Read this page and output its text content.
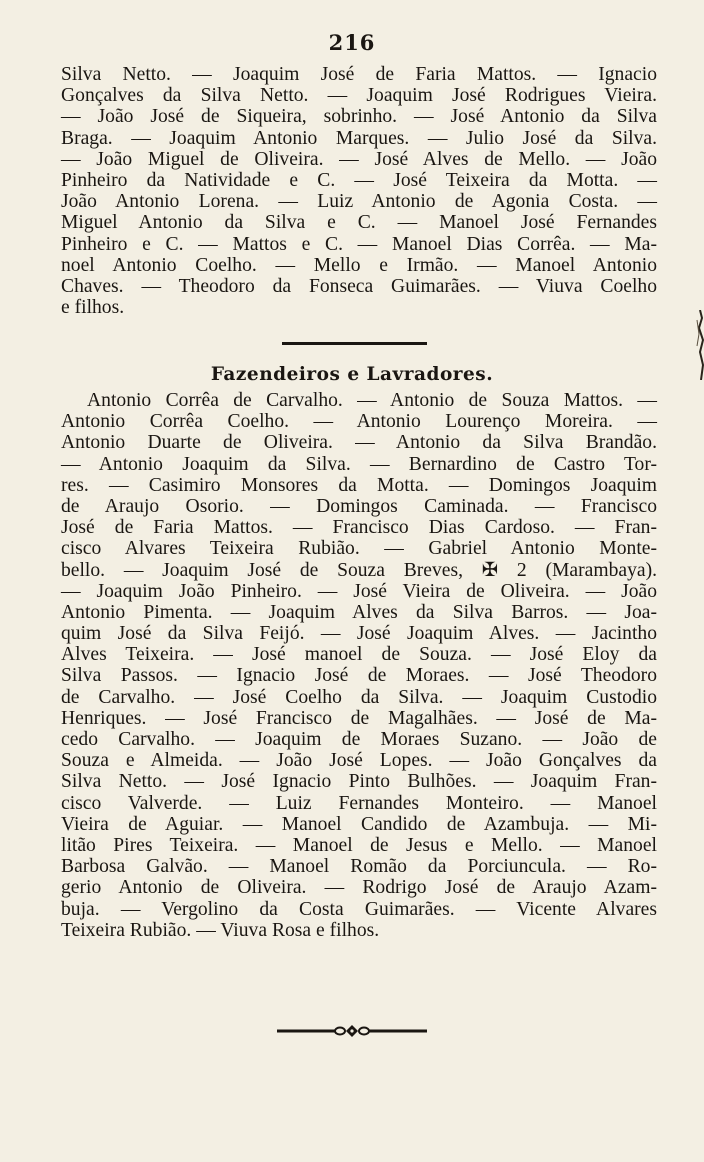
216
Silva Netto. — Joaquim José de Faria Mattos. — Ignacio
Gonçalves da Silva Netto. — Joaquim José Rodrigues Vieira.
— João José de Siqueira, sobrinho. — José Antonio da Silva
Braga. — Joaquim Antonio Marques. — Julio José da Silva.
— João Miguel de Oliveira. — José Alves de Mello. — João
Pinheiro da Natividade e C. — José Teixeira da Motta. —
João Antonio Lorena. — Luiz Antonio de Agonia Costa. —
Miguel Antonio da Silva e C. — Manoel José Fernandes
Pinheiro e C. — Mattos e C. — Manoel Dias Corrêa. — Ma-
noel Antonio Coelho. — Mello e Irmão. — Manoel Antonio
Chaves. — Theodoro da Fonseca Guimarães. — Viuva Coelho
e filhos.
Fazendeiros e Lavradores.
Antonio Corrêa de Carvalho. — Antonio de Souza Mattos. —
Antonio Corrêa Coelho. — Antonio Lourenço Moreira. —
Antonio Duarte de Oliveira. — Antonio da Silva Brandão.
— Antonio Joaquim da Silva. — Bernardino de Castro Tor-
res. — Casimiro Monsores da Motta. — Domingos Joaquim
de Araujo Osorio. — Domingos Caminada. — Francisco
José de Faria Mattos. — Francisco Dias Cardoso. — Fran-
cisco Alvares Teixeira Rubião. — Gabriel Antonio Monte-
bello. — Joaquim José de Souza Breves, ✠ 2 (Marambaya).
— Joaquim João Pinheiro. — José Vieira de Oliveira. — João
Antonio Pimenta. — Joaquim Alves da Silva Barros. — Joa-
quim José da Silva Feijó. — José Joaquim Alves. — Jacintho
Alves Teixeira. — José manoel de Souza. — José Eloy da
Silva Passos. — Ignacio José de Moraes. — José Theodoro
de Carvalho. — José Coelho da Silva. — Joaquim Custodio
Henriques. — José Francisco de Magalhães. — José de Ma-
cedo Carvalho. — Joaquim de Moraes Suzano. — João de
Souza e Almeida. — João José Lopes. — João Gonçalves da
Silva Netto. — José Ignacio Pinto Bulhões. — Joaquim Fran-
cisco Valverde. — Luiz Fernandes Monteiro. — Manoel
Vieira de Aguiar. — Manoel Candido de Azambuja. — Mi-
litão Pires Teixeira. — Manoel de Jesus e Mello. — Manoel
Barbosa Galvão. — Manoel Romão da Porciuncula. — Ro-
gerio Antonio de Oliveira. — Rodrigo José de Araujo Azam-
buja. — Vergolino da Costa Guimarães. — Vicente Alvares
Teixeira Rubião. — Viuva Rosa e filhos.
